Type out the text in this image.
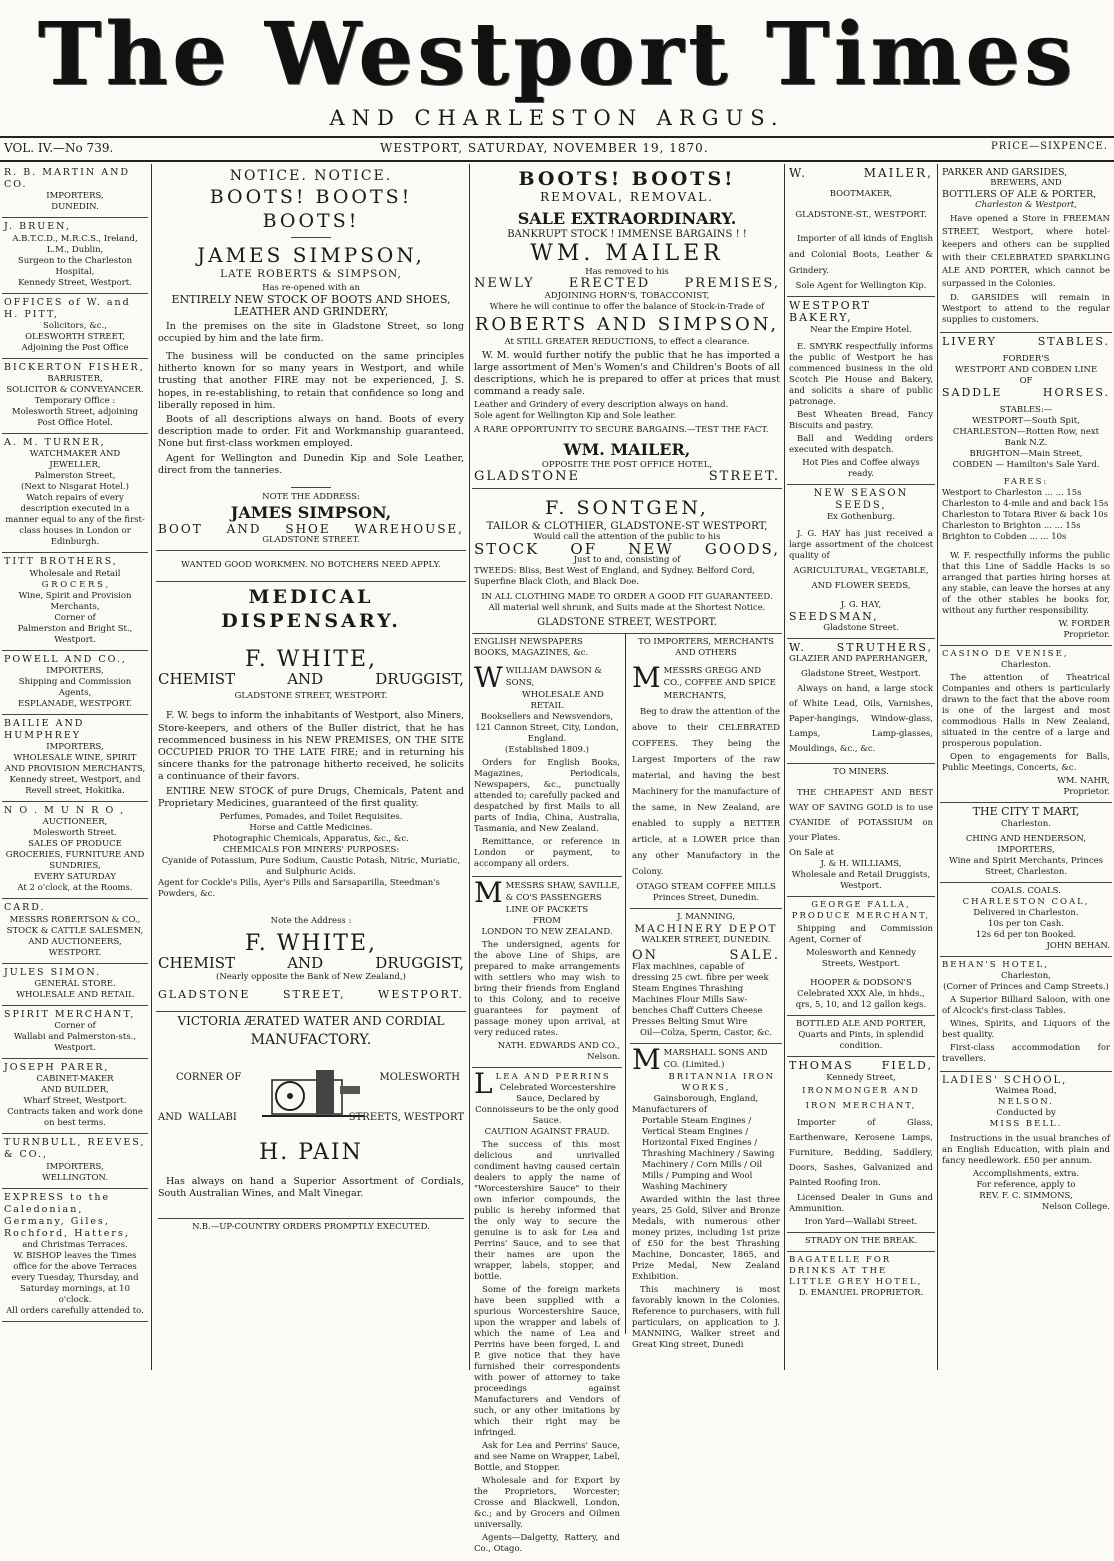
The Westport Times
AND CHARLESTON ARGUS.
VOL. IV.—No 739.	WESTPORT, SATURDAY, NOVEMBER 19, 1870.	PRICE—SIXPENCE.
R. B. MARTIN AND CO.
IMPORTERS,
DUNEDIN.
J. BRUEN,
A.B.T.C.D., M.R.C.S., Ireland,
L.M., Dublin,
Surgeon to the Charleston Hospital,
Kennedy Street, Westport.
OFFICES of W. and H. PITT,
Solicitors, &c.,
OLESWORTH STREET,
Adjoining the Post Office
BICKERTON FISHER,
BARRISTER,
SOLICITOR & CONVEYANCER.
Temporary Office :
Molesworth Street, adjoining Post Office Hotel.
A. M. TURNER,
WATCHMAKER AND JEWELLER,
Palmerston Street,
(Next to Nisgarat Hotel.)
Watch repairs of every description executed in a manner equal to any of the first-class houses in London or Edinburgh.
TITT BROTHERS,
Wholesale and Retail
G R O C E R S ,
Wine, Spirit and Provision Merchants,
Corner of
Palmerston and Bright St., Westport.
POWELL AND CO.,
IMPORTERS,
Shipping and Commission Agents,
ESPLANADE, WESTPORT.
BAILIE AND HUMPHREY
IMPORTERS,
WHOLESALE WINE, SPIRIT AND PROVISION MERCHANTS,
Kennedy street, Westport, and Revell street, Hokitika.
N O . M U N R O ,
AUCTIONEER,
Molesworth Street.
SALES OF PRODUCE GROCERIES, FURNITURE AND SUNDRIES,
EVERY SATURDAY
At 2 o'clock, at the Rooms.
CARD.
MESSRS ROBERTSON & CO.,
STOCK & CATTLE SALESMEN,
AND AUCTIONEERS,
WESTPORT.
JULES SIMON.
GENERAL STORE.
WHOLESALE AND RETAIL
SPIRIT MERCHANT,
Corner of
Wallabi and Palmerston-sts., Westport.
JOSEPH PARER,
CABINET-MAKER
AND BUILDER,
Wharf Street, Westport.
Contracts taken and work done on best terms.
TURNBULL, REEVES, & CO.,
IMPORTERS,
WELLINGTON.
EXPRESS to the Caledonian, Germany, Giles, Rochford, Hatters,
and Christmas Terraces.
W. BISHOP leaves the Times office for the above Terraces every Tuesday, Thursday, and Saturday mornings, at 10 o'clock.
All orders carefully attended to.
NOTICE. NOTICE.
BOOTS! BOOTS! BOOTS!
JAMES SIMPSON,
LATE ROBERTS & SIMPSON,
Has re-opened with an
ENTIRELY NEW STOCK OF BOOTS AND SHOES, LEATHER AND GRINDERY,
In the premises on the site in Gladstone Street, so long occupied by him and the late firm.
The business will be conducted on the same principles hitherto known for so many years in Westport, and while trusting that another FIRE may not be experienced, J. S. hopes, in re-establishing, to retain that confidence so long and liberally reposed in him.
Boots of all descriptions always on hand. Boots of every description made to order. Fit and Workmanship guaranteed. None but first-class workmen employed.
Agent for Wellington and Dunedin Kip and Sole Leather, direct from the tanneries.
NOTE THE ADDRESS:
JAMES SIMPSON,
BOOT AND SHOE WAREHOUSE,
GLADSTONE STREET.
WANTED GOOD WORKMEN. NO BOTCHERS NEED APPLY.
MEDICAL DISPENSARY.
F. WHITE,
CHEMIST AND DRUGGIST,
GLADSTONE STREET, WESTPORT.
F. W. begs to inform the inhabitants of Westport, also Miners, Store-keepers, and others of the Buller district, that he has recommenced business in his NEW PREMISES, ON THE SITE OCCUPIED PRIOR TO THE LATE FIRE; and in returning his sincere thanks for the patronage hitherto received, he solicits a continuance of their favors.
ENTIRE NEW STOCK of pure Drugs, Chemicals, Patent and Proprietary Medicines, guaranteed of the first quality.
Perfumes, Pomades, and Toilet Requisites.
Horse and Cattle Medicines.
Photographic Chemicals, Apparatus, &c., &c.
CHEMICALS FOR MINERS' PURPOSES:
Cyanide of Potassium, Pure Sodium, Caustic Potash, Nitric, Muriatic, and Sulphuric Acids.
Agent for Cockle's Pills, Ayer's Pills and Sarsaparilla, Steedman's Powders, &c.
Note the Address :
F. WHITE,
CHEMIST AND DRUGGIST,
(Nearly opposite the Bank of New Zealand,)
GLADSTONE STREET, WESTPORT.
VICTORIA ÆRATED WATER AND CORDIAL
MANUFACTORY.
CORNER OF	MOLESWORTH
AND WALLABI	STREETS, WESTPORT
H. PAIN
Has always on hand a Superior Assortment of Cordials, South Australian Wines, and Malt Vinegar.
N.B.—UP-COUNTRY ORDERS PROMPTLY EXECUTED.
BOOTS! BOOTS!
REMOVAL, REMOVAL.
SALE EXTRAORDINARY.
BANKRUPT STOCK ! IMMENSE BARGAINS ! !
WM. MAILER
Has removed to his
NEWLY ERECTED PREMISES,
ADJOINING HORN'S, TOBACCONIST,
Where he will continue to offer the balance of Stock-in-Trade of
ROBERTS AND SIMPSON,
At STILL GREATER REDUCTIONS, to effect a clearance.
W. M. would further notify the public that he has imported a large assortment of Men's Women's and Children's Boots of all descriptions, which he is prepared to offer at prices that must command a ready sale.
Leather and Grindery of every description always on hand.
Sole agent for Wellington Kip and Sole leather.
A RARE OPPORTUNITY TO SECURE BARGAINS.—TEST THE FACT.
WM. MAILER,
OPPOSITE THE POST OFFICE HOTEL,
GLADSTONE STREET.
F. SONTGEN,
TAILOR & CLOTHIER, GLADSTONE-ST WESTPORT,
Would call the attention of the public to his
STOCK OF NEW GOODS,
Just to and, consisting of
TWEEDS: Bliss, Best West of England, and Sydney. Belford Cord, Superfine Black Cloth, and Black Doe.
IN ALL CLOTHING MADE TO ORDER A GOOD FIT GUARANTEED.
All material well shrunk, and Suits made at the Shortest Notice.
GLADSTONE STREET, WESTPORT.
ENGLISH NEWSPAPERS BOOKS, MAGAZINES, &c.
WWILLIAM DAWSON & SONS,
WHOLESALE AND RETAIL
Booksellers and Newsvendors, 121 Cannon Street, City, London, England.
(Established 1809.)
Orders for English Books, Magazines, Periodicals, Newspapers, &c., punctually attended to; carefully packed and despatched by first Mails to all parts of India, China, Australia, Tasmania, and New Zealand.
Remittance, or reference in London or payment, to accompany all orders.
MMESSRS SHAW, SAVILLE, & CO'S PASSENGERS LINE OF PACKETS
FROM
LONDON TO NEW ZEALAND.
The undersigned, agents for the above Line of Ships, are prepared to make arrangements with settlers who may wish to bring their friends from England to this Colony, and to receive guarantees for payment of passage money upon arrival, at very reduced rates.
NATH. EDWARDS AND CO.,
Nelson.
LLEA AND PERRINS
Celebrated Worcestershire Sauce, Declared by Connoisseurs to be the only good Sauce.
CAUTION AGAINST FRAUD.
The success of this most delicious and unrivalled condiment having caused certain dealers to apply the name of "Worcestershire Sauce" to their own inferior compounds, the public is hereby informed that the only way to secure the genuine is to ask for Lea and Perrins' Sauce, and to see that their names are upon the wrapper, labels, stopper, and bottle.
Some of the foreign markets have been supplied with a spurious Worcestershire Sauce, upon the wrapper and labels of which the name of Lea and Perrins have been forged, L and P. give notice that they have furnished their correspondents with power of attorney to take proceedings against Manufacturers and Vendors of such, or any other imitations by which their right may be infringed.
Ask for Lea and Perrins' Sauce, and see Name on Wrapper, Label, Bottle, and Stopper.
Wholesale and for Export by the Proprietors, Worcester; Crosse and Blackwell, London, &c.; and by Grocers and Oilmen universally.
Agents—Dalgetty, Rattery, and Co., Otago.
TO IMPORTERS, MERCHANTS AND OTHERS
MMESSRS GREGG AND CO., COFFEE AND SPICE MERCHANTS,
Beg to draw the attention of the above to their CELEBRATED COFFEES. They being the Largest Importers of the raw material, and having the best Machinery for the manufacture of the same, in New Zealand, are enabled to supply a BETTER article, at a LOWER price than any other Manufactory in the Colony.
OTAGO STEAM COFFEE MILLS
Princes Street, Dunedin.
J. MANNING,
MACHINERY DEPOT
WALKER STREET, DUNEDIN.
ON SALE.
Flax machines, capable of dressing 25 cwt. fibre per week
Steam Engines Thrashing Machines Flour Mills Saw-benches Chaff Cutters Cheese Presses Belting Smut Wire
Oil—Colza, Sperm, Castor, &c.
MMARSHALL SONS AND CO. (Limited.)
BRITANNIA IRON WORKS,
Gainsborough, England,
Manufacturers of
Portable Steam Engines / Vertical Steam Engines / Horizontal Fixed Engines / Thrashing Machinery / Sawing Machinery / Corn Mills / Oil Mills / Pumping and Wool Washing Machinery
Awarded within the last three years, 25 Gold, Silver and Bronze Medals, with numerous other money prizes, including 1st prize of £50 for the best Thrashing Machine, Doncaster, 1865, and Prize Medal, New Zealand Exhibition.
This machinery is most favorably known in the Colonies. Reference to purchasers, with full particulars, on application to J. MANNING, Walker street and Great King street, Dunedi
W. MAILER,
BOOTMAKER,
GLADSTONE-ST., WESTPORT.
Importer of all kinds of English and Colonial Boots, Leather & Grindery.
Sole Agent for Wellington Kip.
WESTPORT BAKERY,
Near the Empire Hotel.
E. SMYRK respectfully informs the public of Westport he has commenced business in the old Scotch Pie House and Bakery, and solicits a share of public patronage.
Best Wheaten Bread, Fancy Biscuits and pastry.
Ball and Wedding orders executed with despatch.
Hot Pies and Coffee always ready.
NEW SEASON SEEDS,
Ex Gothenburg.
J. G. HAY has just received a large assortment of the choicest quality of
AGRICULTURAL, VEGETABLE, AND FLOWER SEEDS,
J. G. HAY,
SEEDSMAN,
Gladstone Street.
W. STRUTHERS,
GLAZIER AND PAPERHANGER,
Gladstone Street, Westport.
Always on hand, a large stock of White Lead, Oils, Varnishes, Paper-hangings, Window-glass, Lamps, Lamp-glasses, Mouldings, &c., &c.
TO MINERS.
THE CHEAPEST AND BEST WAY OF SAVING GOLD is to use CYANIDE of POTASSIUM on your Plates.
On Sale at
J. & H. WILLIAMS,
Wholesale and Retail Druggists, Westport.
GEORGE FALLA, PRODUCE MERCHANT,
Shipping and Commission Agent, Corner of
Molesworth and Kennedy Streets, Westport.
HOOPER & DODSON'S
Celebrated XXX Ale, in hhds., qrs, 5, 10, and 12 gallon kegs.
BOTTLED ALE AND PORTER,
Quarts and Pints, in splendid condition.
THOMAS FIELD,
Kennedy Street,
IRONMONGER AND IRON MERCHANT,
Importer of Glass, Earthenware, Kerosene Lamps, Furniture, Bedding, Saddlery, Doors, Sashes, Galvanized and Painted Roofing Iron.
Licensed Dealer in Guns and Ammunition.
Iron Yard—Wallabi Street.
STRADY ON THE BREAK.
BAGATELLE FOR DRINKS AT THE LITTLE GREY HOTEL,
D. EMANUEL PROPRIETOR.
PARKER AND GARSIDES,
BREWERS, AND
BOTTLERS OF ALE & PORTER,
Charleston & Westport,
Have opened a Store in FREEMAN STREET, Westport, where hotel-keepers and others can be supplied with their CELEBRATED SPARKLING ALE AND PORTER, which cannot be surpassed in the Colonies.
D. GARSIDES will remain in Westport to attend to the regular supplies to customers.
LIVERY STABLES.
FORDER'S
WESTPORT AND COBDEN LINE
OF
SADDLE HORSES.
STABLES:—
WESTPORT—South Spit,
CHARLESTON—Rotten Row, next Bank N.Z.
BRIGHTON—Main Street,
COBDEN — Hamilton's Sale Yard.
FARES:
Westport to Charleston ... ... 15s
Charleston to 4-mile and and back 15s
Charleston to Totara River & back 10s
Charleston to Brighton ... ... 15s
Brighton to Cobden ... ... 10s
W. F. respectfully informs the public that this Line of Saddle Hacks is so arranged that parties hiring horses at any stable, can leave the horses at any of the other stables he books for, without any further responsibility.
W. FORDER
Proprietor.
CASINO DE VENISE,
Charleston.
The attention of Theatrical Companies and others is particularly drawn to the fact that the above room is one of the largest and most commodious Halls in New Zealand, situated in the centre of a large and prosperous population.
Open to engagements for Balls, Public Meetings, Concerts, &c.
WM. NAHR,
Proprietor.
THE CITY T MART,
Charleston.
CHING AND HENDERSON, IMPORTERS,
Wine and Spirit Merchants, Princes Street, Charleston.
COALS. COALS.
CHARLESTON COAL,
Delivered in Charleston.
10s per ton Cash.
12s 6d per ton Booked.
JOHN BEHAN.
BEHAN'S HOTEL,
Charleston,
(Corner of Princes and Camp Streets.)
A Superior Billiard Saloon, with one of Alcock's first-class Tables.
Wines, Spirits, and Liquors of the best quality.
First-class accommodation for travellers.
LADIES' SCHOOL,
Waimea Road,
NELSON.
Conducted by
MISS BELL.
Instructions in the usual branches of an English Education, with plain and fancy needlework. £50 per annum.
Accomplishments, extra.
For reference, apply to
REV. F. C. SIMMONS,
Nelson College.
